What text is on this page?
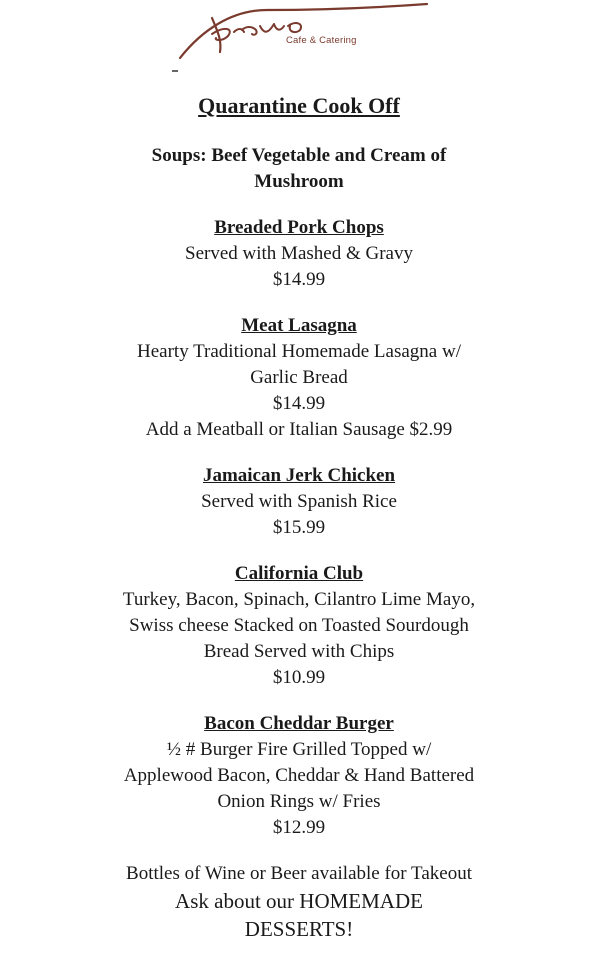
Cafe & Catering
Quarantine Cook Off
Soups: Beef Vegetable and Cream of
Mushroom
Breaded Pork Chops
Served with Mashed & Gravy
$14.99
Meat Lasagna
Hearty Traditional Homemade Lasagna w/
Garlic Bread
$14.99
Add a Meatball or Italian Sausage $2.99
Jamaican Jerk Chicken
Served with Spanish Rice
$15.99
California Club
Turkey, Bacon, Spinach, Cilantro Lime Mayo,
Swiss cheese Stacked on Toasted Sourdough
Bread Served with Chips
$10.99
Bacon Cheddar Burger
½ # Burger Fire Grilled Topped w/
Applewood Bacon, Cheddar & Hand Battered
Onion Rings w/ Fries
$12.99
Bottles of Wine or Beer available for Takeout
Ask about our HOMEMADE
DESSERTS!
